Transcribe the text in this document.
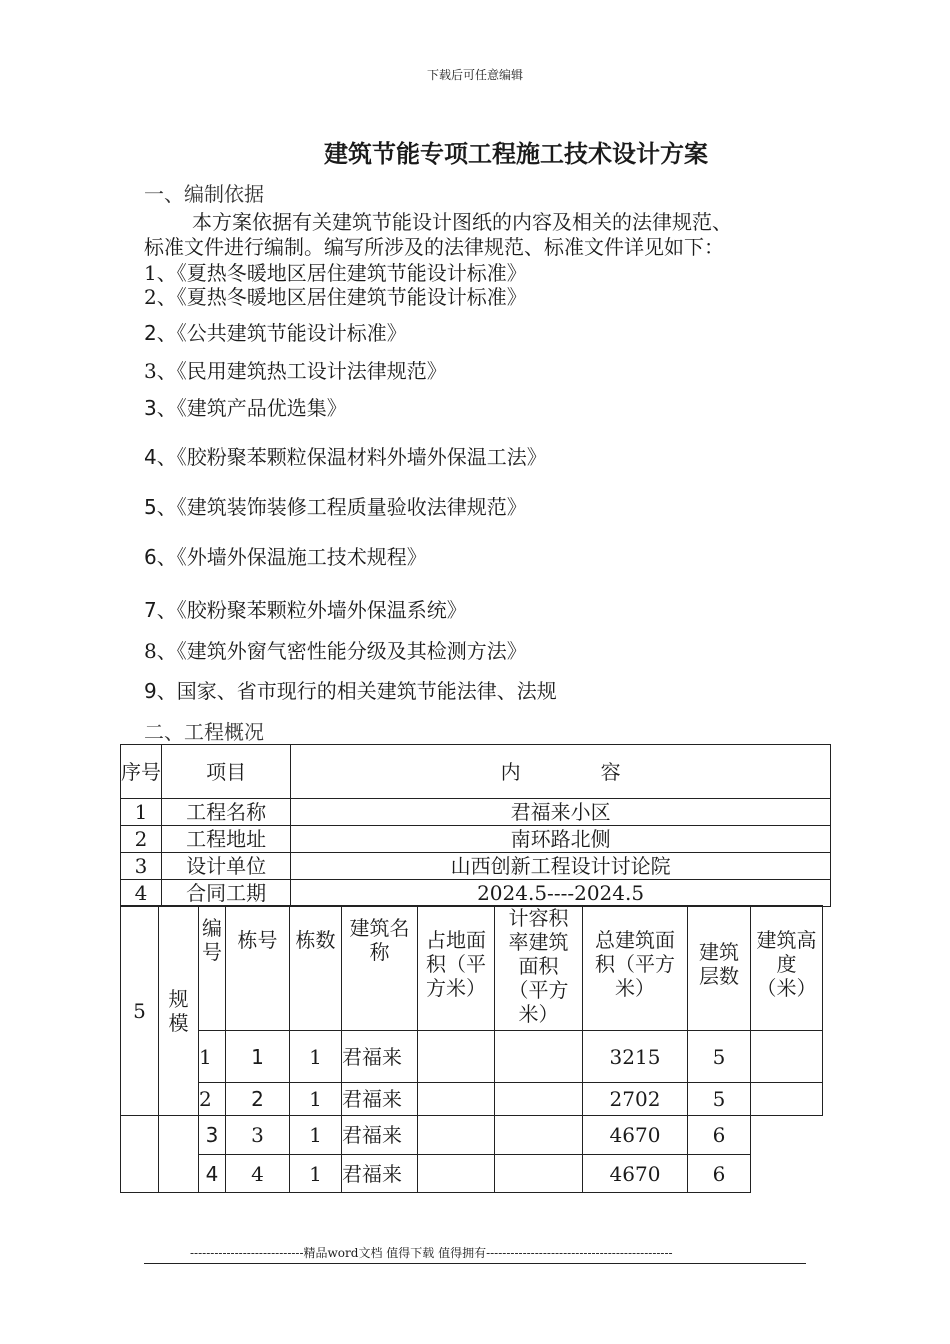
下载后可任意编辑
建筑节能专项工程施工技术设计方案
一、编制依据
本方案依据有关建筑节能设计图纸的内容及相关的法律规范、
标准文件进行编制。编写所涉及的法律规范、标准文件详见如下：
1、《夏热冬暖地区居住建筑节能设计标准》
2、《夏热冬暖地区居住建筑节能设计标准》
2、《公共建筑节能设计标准》
3、《民用建筑热工设计法律规范》
3、《建筑产品优选集》
4、《胶粉聚苯颗粒保温材料外墙外保温工法》
5、《建筑装饰装修工程质量验收法律规范》
6、《外墙外保温施工技术规程》
7、《胶粉聚苯颗粒外墙外保温系统》
8、《建筑外窗气密性能分级及其检测方法》
9、国家、省市现行的相关建筑节能法律、法规
二、工程概况
序号	项目	内　　　　容
1	工程名称	君福来小区
2	工程地址	南环路北侧
3	设计单位	山西创新工程设计讨论院
4	合同工期	2024.5----2024.5
5	规模	编号	栋号	栋数	建筑名称	占地面积（平方米）	计容积率建筑面积（平方米）	总建筑面积（平方米）	建筑层数	建筑高度（米）

		1	1	1	君福来			3215	5	
		2	2	1	君福来			2702	5	
		3	3	1	君福来			4670	6	
		4	4	1	君福来			4670	6	
----------------------------精品word文档 值得下载 值得拥有----------------------------------------------
